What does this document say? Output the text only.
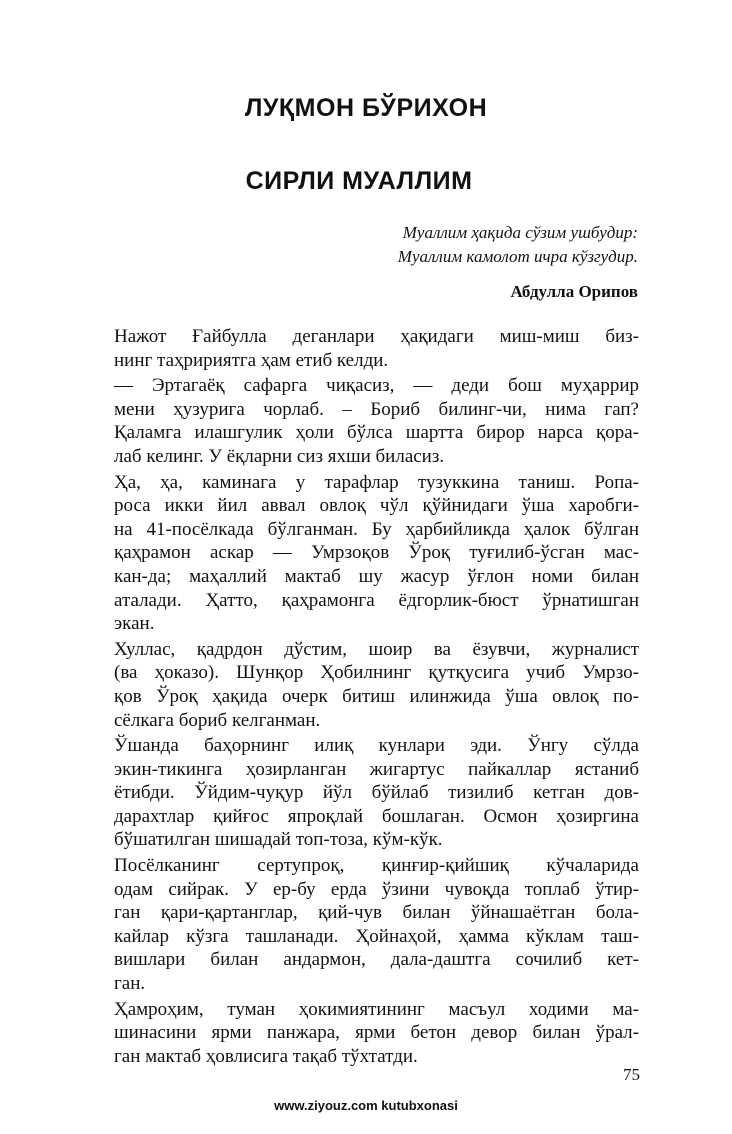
ЛУҚМОН БЎРИХОН
СИРЛИ МУАЛЛИМ
Муаллим ҳақида сўзим ушбудир:
Муаллим камолот ичра кўзгудир.
Абдулла Орипов

Нажот Ғайбулла деганлари ҳақидаги миш-миш биз-
нинг таҳририятга ҳам етиб келди.

— Эртагаёқ сафарга чиқасиз, — деди бош муҳаррир
мени ҳузурига чорлаб. – Бориб билинг-чи, нима гап?
Қаламга илашгулик ҳоли бўлса шартта бирор нарса қора-
лаб келинг. У ёқларни сиз яхши биласиз.

Ҳа, ҳа, каминага у тарафлар тузуккина таниш. Ропа-
роса икки йил аввал овлоқ чўл қўйнидаги ўша харобги-
на 41-посёлкада бўлганман. Бу ҳарбийликда ҳалок бўлган
қаҳрамон аскар — Умрзоқов Ўроқ туғилиб-ўсган мас-
кан-да; маҳаллий мактаб шу жасур ўғлон номи билан
аталади. Ҳатто, қаҳрамонга ёдгорлик-бюст ўрнатишган
экан.

Хуллас, қадрдон дўстим, шоир ва ёзувчи, журналист
(ва ҳоказо). Шунқор Ҳобилнинг қутқусига учиб Умрзо-
қов Ўроқ ҳақида очерк битиш илинжида ўша овлоқ по-
сёлкага бориб келганман.

Ўшанда баҳорнинг илиқ кунлари эди. Ўнгу сўлда
экин-тикинга ҳозирланган жигартус пайкаллар ястаниб
ётибди. Ўйдим-чуқур йўл бўйлаб тизилиб кетган дов-
дарахтлар қийғос япроқлай бошлаган. Осмон ҳозиргина
бўшатилган шишадай топ-тоза, кўм-кўк.

Посёлканинг сертупроқ, қинғир-қийшиқ кўчаларида
одам сийрак. У ер-бу ерда ўзини чувоқда топлаб ўтир-
ган қари-қартанглар, қий-чув билан ўйнашаётган бола-
кайлар кўзга ташланади. Ҳойнаҳой, ҳамма кўклам таш-
вишлари билан андармон, дала-даштга сочилиб кет-
ган.

Ҳамроҳим, туман ҳокимиятининг масъул ходими ма-
шинасини ярми панжара, ярми бетон девор билан ўрал-
ган мактаб ҳовлисига тақаб тўхтатди.

75
www.ziyouz.com kutubxonasi
